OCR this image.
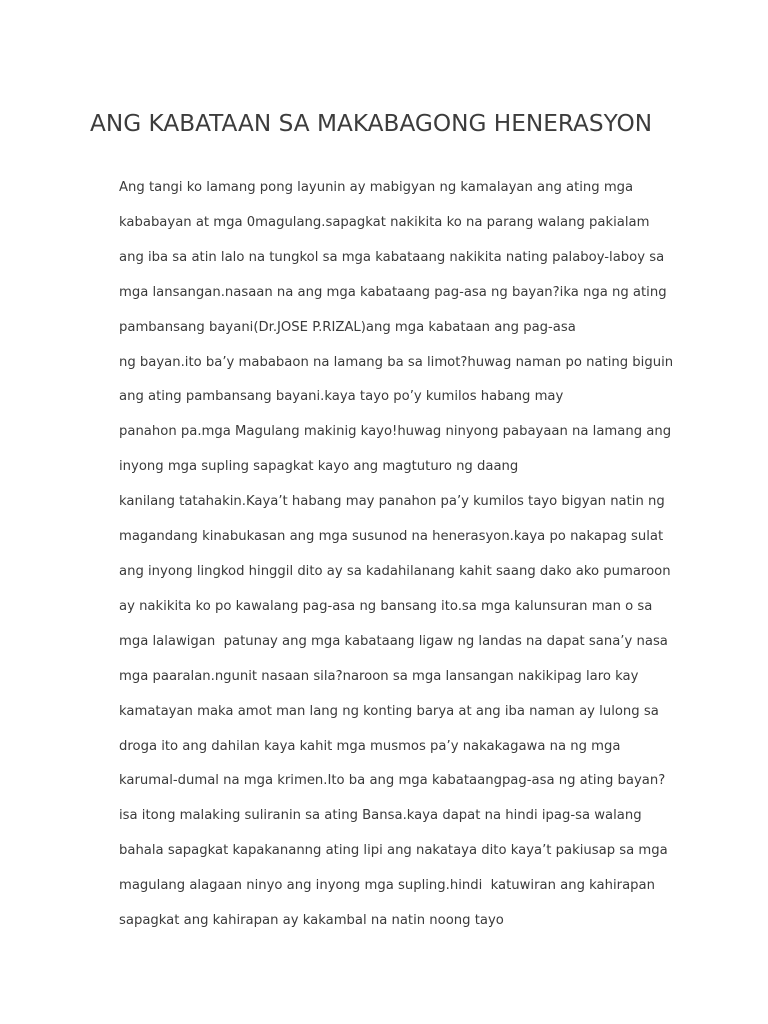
ANG KABATAAN SA MAKABAGONG HENERASYON
Ang tangi ko lamang pong layunin ay mabigyan ng kamalayan ang ating mga
kababayan at mga 0magulang.sapagkat nakikita ko na parang walang pakialam
ang iba sa atin lalo na tungkol sa mga kabataang nakikita nating palaboy-laboy sa
mga lansangan.nasaan na ang mga kabataang pag-asa ng bayan?ika nga ng ating
pambansang bayani(Dr.JOSE P.RIZAL)ang mga kabataan ang pag-asa
ng bayan.ito ba’y mababaon na lamang ba sa limot?huwag naman po nating biguin
ang ating pambansang bayani.kaya tayo po’y kumilos habang may
panahon pa.mga Magulang makinig kayo!huwag ninyong pabayaan na lamang ang
inyong mga supling sapagkat kayo ang magtuturo ng daang
kanilang tatahakin.Kaya’t habang may panahon pa’y kumilos tayo bigyan natin ng
magandang kinabukasan ang mga susunod na henerasyon.kaya po nakapag sulat
ang inyong lingkod hinggil dito ay sa kadahilanang kahit saang dako ako pumaroon
ay nakikita ko po kawalang pag-asa ng bansang ito.sa mga kalunsuran man o sa
mga lalawigan  patunay ang mga kabataang ligaw ng landas na dapat sana’y nasa
mga paaralan.ngunit nasaan sila?naroon sa mga lansangan nakikipag laro kay
kamatayan maka amot man lang ng konting barya at ang iba naman ay lulong sa
droga ito ang dahilan kaya kahit mga musmos pa’y nakakagawa na ng mga
karumal-dumal na mga krimen.Ito ba ang mga kabataangpag-asa ng ating bayan?
isa itong malaking suliranin sa ating Bansa.kaya dapat na hindi ipag-sa walang
bahala sapagkat kapakananng ating lipi ang nakataya dito kaya’t pakiusap sa mga
magulang alagaan ninyo ang inyong mga supling.hindi  katuwiran ang kahirapan
sapagkat ang kahirapan ay kakambal na natin noong tayo
